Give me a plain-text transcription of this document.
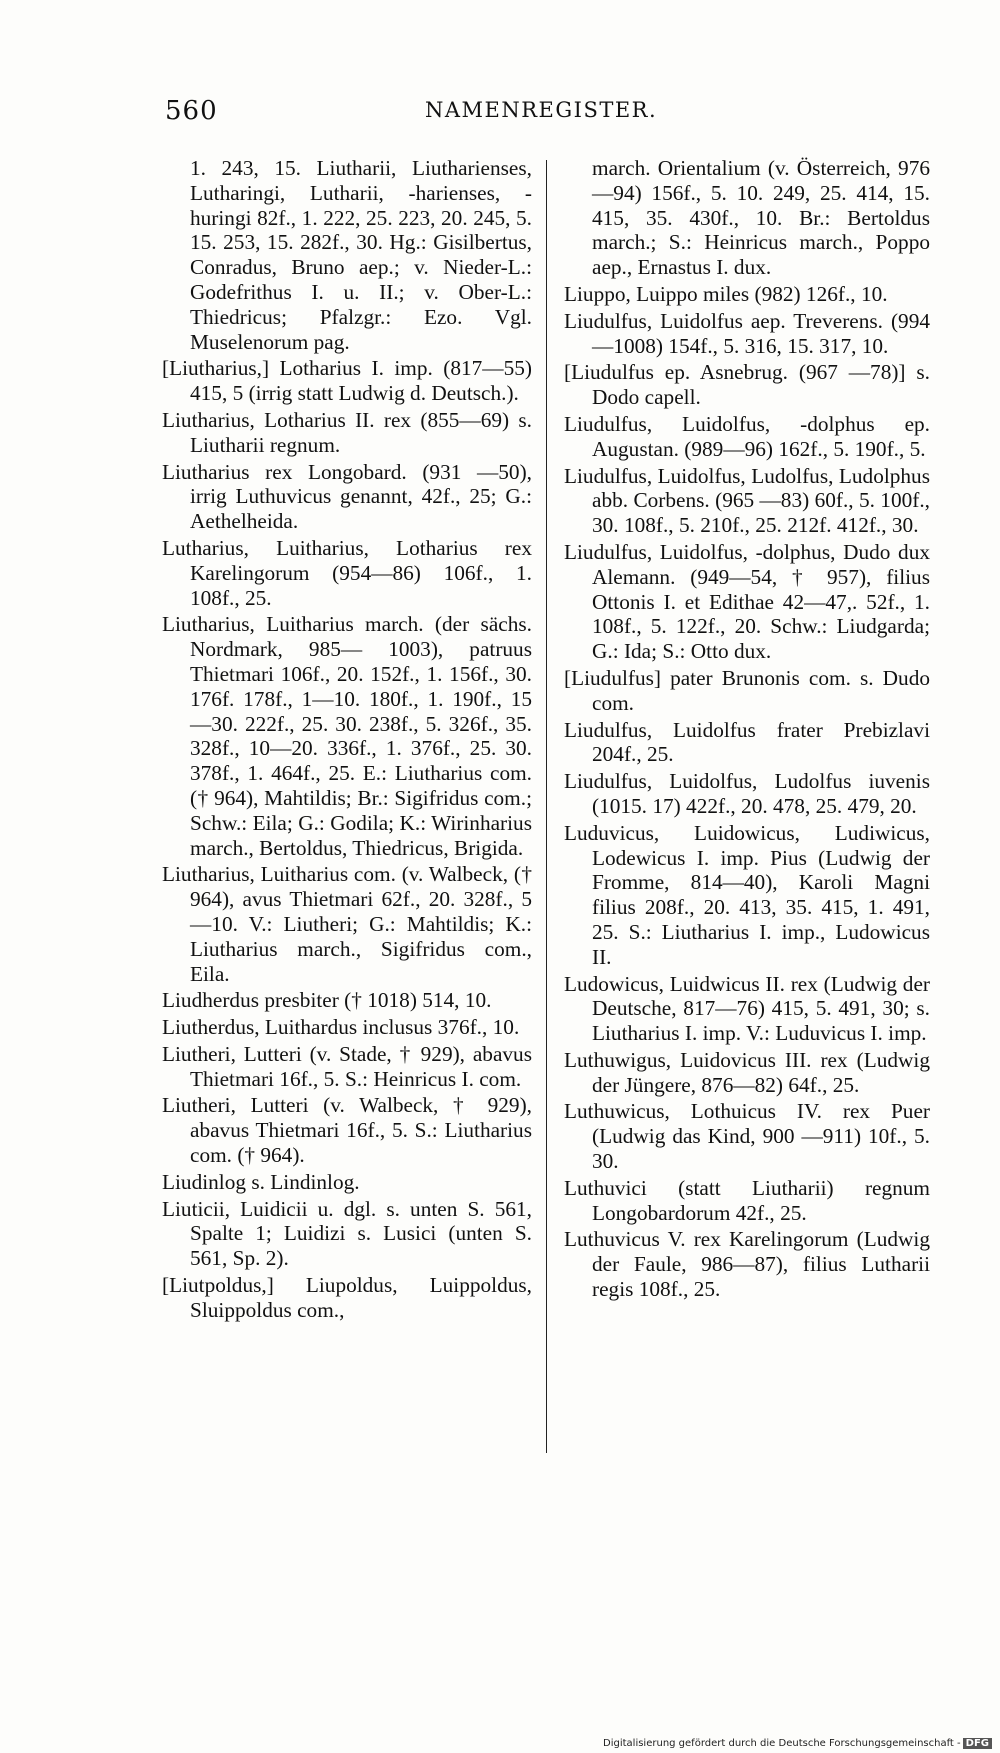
560	NAMENREGISTER.

1. 243, 15. Liutharii, Liutharienses, Lutharingi, Lutharii, -harienses, -huringi 82f., 1. 222, 25. 223, 20. 245, 5. 15. 253, 15. 282f., 30. Hg.: Gisilbertus, Conradus, Bruno aep.; v. Nieder-L.: Godefrithus I. u. II.; v. Ober-L.: Thiedricus; Pfalzgr.: Ezo. Vgl. Muselenorum pag.

[Liutharius,] Lotharius I. imp. (817—55) 415, 5 (irrig statt Ludwig d. Deutsch.).

Liutharius, Lotharius II. rex (855—69) s. Liutharii regnum.

Liutharius rex Longobard. (931 —50), irrig Luthuvicus genannt, 42f., 25; G.: Aethelheida.

Lutharius, Luitharius, Lotharius rex Karelingorum (954—86) 106f., 1. 108f., 25.

Liutharius, Luitharius march. (der sächs. Nordmark, 985— 1003), patruus Thietmari 106f., 20. 152f., 1. 156f., 30. 176f. 178f., 1—10. 180f., 1. 190f., 15—30. 222f., 25. 30. 238f., 5. 326f., 35. 328f., 10—20. 336f., 1. 376f., 25. 30. 378f., 1. 464f., 25. E.: Liutharius com. († 964), Mahtildis; Br.: Sigifridus com.; Schw.: Eila; G.: Godila; K.: Wirinharius march., Bertoldus, Thiedricus, Brigida.

Liutharius, Luitharius com. (v. Walbeck, († 964), avus Thietmari 62f., 20. 328f., 5—10. V.: Liutheri; G.: Mahtildis; K.: Liutharius march., Sigifridus com., Eila.

Liudherdus presbiter († 1018) 514, 10.

Liutherdus, Luithardus inclusus 376f., 10.

Liutheri, Lutteri (v. Stade, † 929), abavus Thietmari 16f., 5. S.: Heinricus I. com.

Liutheri, Lutteri (v. Walbeck, † 929), abavus Thietmari 16f., 5. S.: Liutharius com. († 964).

Liudinlog s. Lindinlog.

Liuticii, Luidicii u. dgl. s. unten S. 561, Spalte 1; Luidizi s. Lusici (unten S. 561, Sp. 2).

[Liutpoldus,] Liupoldus, Luippoldus, Sluippoldus com.,

march. Orientalium (v. Österreich, 976—94) 156f., 5. 10. 249, 25. 414, 15. 415, 35. 430f., 10. Br.: Bertoldus march.; S.: Heinricus march., Poppo aep., Ernastus I. dux.

Liuppo, Luippo miles (982) 126f., 10.

Liudulfus, Luidolfus aep. Treverens. (994—1008) 154f., 5. 316, 15. 317, 10.

[Liudulfus ep. Asnebrug. (967 —78)] s. Dodo capell.

Liudulfus, Luidolfus, -dolphus ep. Augustan. (989—96) 162f., 5. 190f., 5.

Liudulfus, Luidolfus, Ludolfus, Ludolphus abb. Corbens. (965 —83) 60f., 5. 100f., 30. 108f., 5. 210f., 25. 212f. 412f., 30.

Liudulfus, Luidolfus, -dolphus, Dudo dux Alemann. (949—54, † 957), filius Ottonis I. et Edithae 42—47,. 52f., 1. 108f., 5. 122f., 20. Schw.: Liudgarda; G.: Ida; S.: Otto dux.

[Liudulfus] pater Brunonis com. s. Dudo com.

Liudulfus, Luidolfus frater Prebizlavi 204f., 25.

Liudulfus, Luidolfus, Ludolfus iuvenis (1015. 17) 422f., 20. 478, 25. 479, 20.

Luduvicus, Luidowicus, Ludiwicus, Lodewicus I. imp. Pius (Ludwig der Fromme, 814—40), Karoli Magni filius 208f., 20. 413, 35. 415, 1. 491, 25. S.: Liutharius I. imp., Ludowicus II.

Ludowicus, Luidwicus II. rex (Ludwig der Deutsche, 817—76) 415, 5. 491, 30; s. Liutharius I. imp. V.: Luduvicus I. imp.

Luthuwigus, Luidovicus III. rex (Ludwig der Jüngere, 876—82) 64f., 25.

Luthuwicus, Lothuicus IV. rex Puer (Ludwig das Kind, 900 —911) 10f., 5. 30.

Luthuvici (statt Liutharii) regnum Longobardorum 42f., 25.

Luthuvicus V. rex Karelingorum (Ludwig der Faule, 986—87), filius Lutharii regis 108f., 25.

Digitalisierung gefördert durch die Deutsche Forschungsgemeinschaft - DFG
